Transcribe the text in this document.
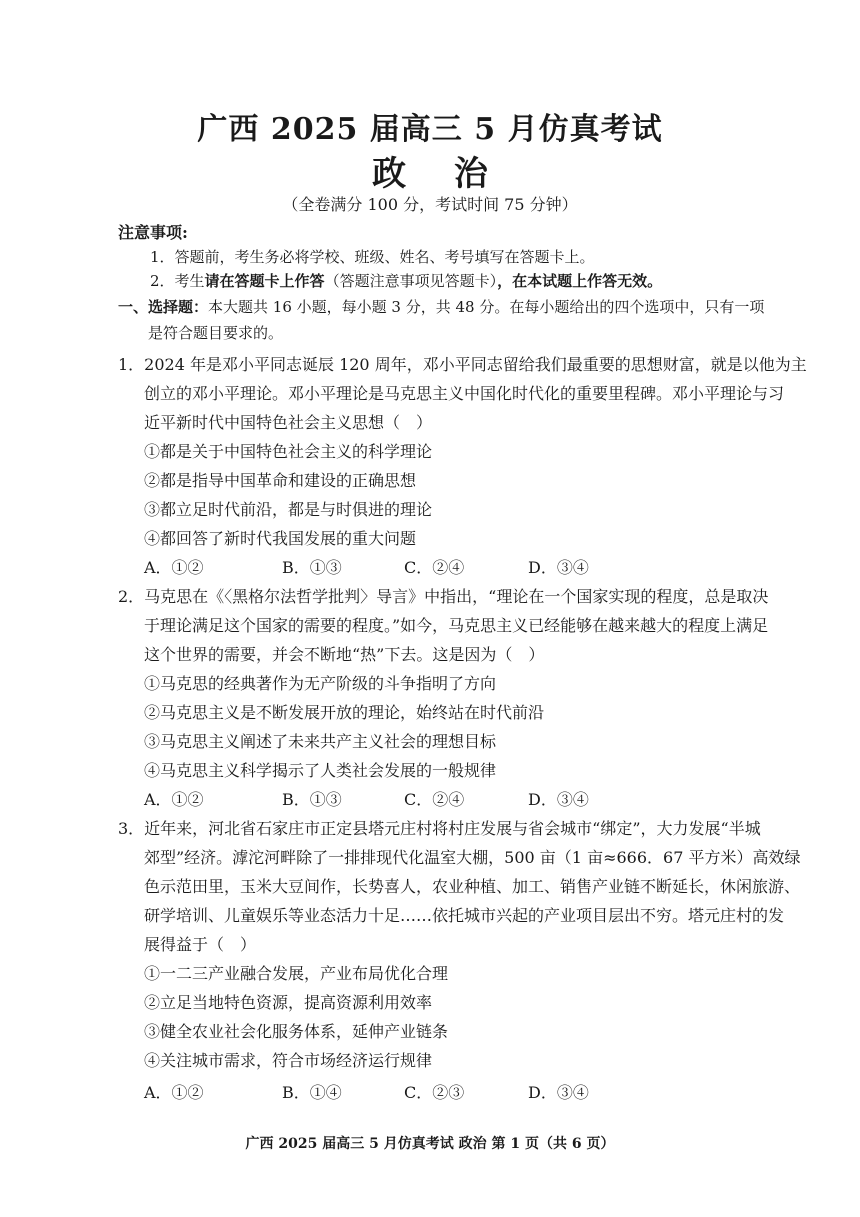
广西 2025 届高三 5 月仿真考试
政 治
（全卷满分 100 分，考试时间 75 分钟）
注意事项:
1．答题前，考生务必将学校、班级、姓名、考号填写在答题卡上。
2．考生请在答题卡上作答（答题注意事项见答题卡），在本试题上作答无效。
一、选择题：本大题共 16 小题，每小题 3 分，共 48 分。在每小题给出的四个选项中，只有一项
是符合题目要求的。
1．2024 年是邓小平同志诞辰 120 周年，邓小平同志留给我们最重要的思想财富，就是以他为主
创立的邓小平理论。邓小平理论是马克思主义中国化时代化的重要里程碑。邓小平理论与习
近平新时代中国特色社会主义思想（　）
①都是关于中国特色社会主义的科学理论
②都是指导中国革命和建设的正确思想
③都立足时代前沿，都是与时俱进的理论
④都回答了新时代我国发展的重大问题
A．①②	B．①③	C．②④	D．③④
2．马克思在《〈黑格尔法哲学批判〉导言》中指出，“理论在一个国家实现的程度，总是取决
于理论满足这个国家的需要的程度。”如今，马克思主义已经能够在越来越大的程度上满足
这个世界的需要，并会不断地“热”下去。这是因为（　）
①马克思的经典著作为无产阶级的斗争指明了方向
②马克思主义是不断发展开放的理论，始终站在时代前沿
③马克思主义阐述了未来共产主义社会的理想目标
④马克思主义科学揭示了人类社会发展的一般规律
A．①②	B．①③	C．②④	D．③④
3．近年来，河北省石家庄市正定县塔元庄村将村庄发展与省会城市“绑定”，大力发展“半城
郊型”经济。滹沱河畔除了一排排现代化温室大棚，500 亩（1 亩≈666．67 平方米）高效绿
色示范田里，玉米大豆间作，长势喜人，农业种植、加工、销售产业链不断延长，休闲旅游、
研学培训、儿童娱乐等业态活力十足……依托城市兴起的产业项目层出不穷。塔元庄村的发
展得益于（　）
①一二三产业融合发展，产业布局优化合理
②立足当地特色资源，提高资源利用效率
③健全农业社会化服务体系，延伸产业链条
④关注城市需求，符合市场经济运行规律
A．①②	B．①④	C．②③	D．③④
广西 2025 届高三 5 月仿真考试 政治 第 1 页（共 6 页）
